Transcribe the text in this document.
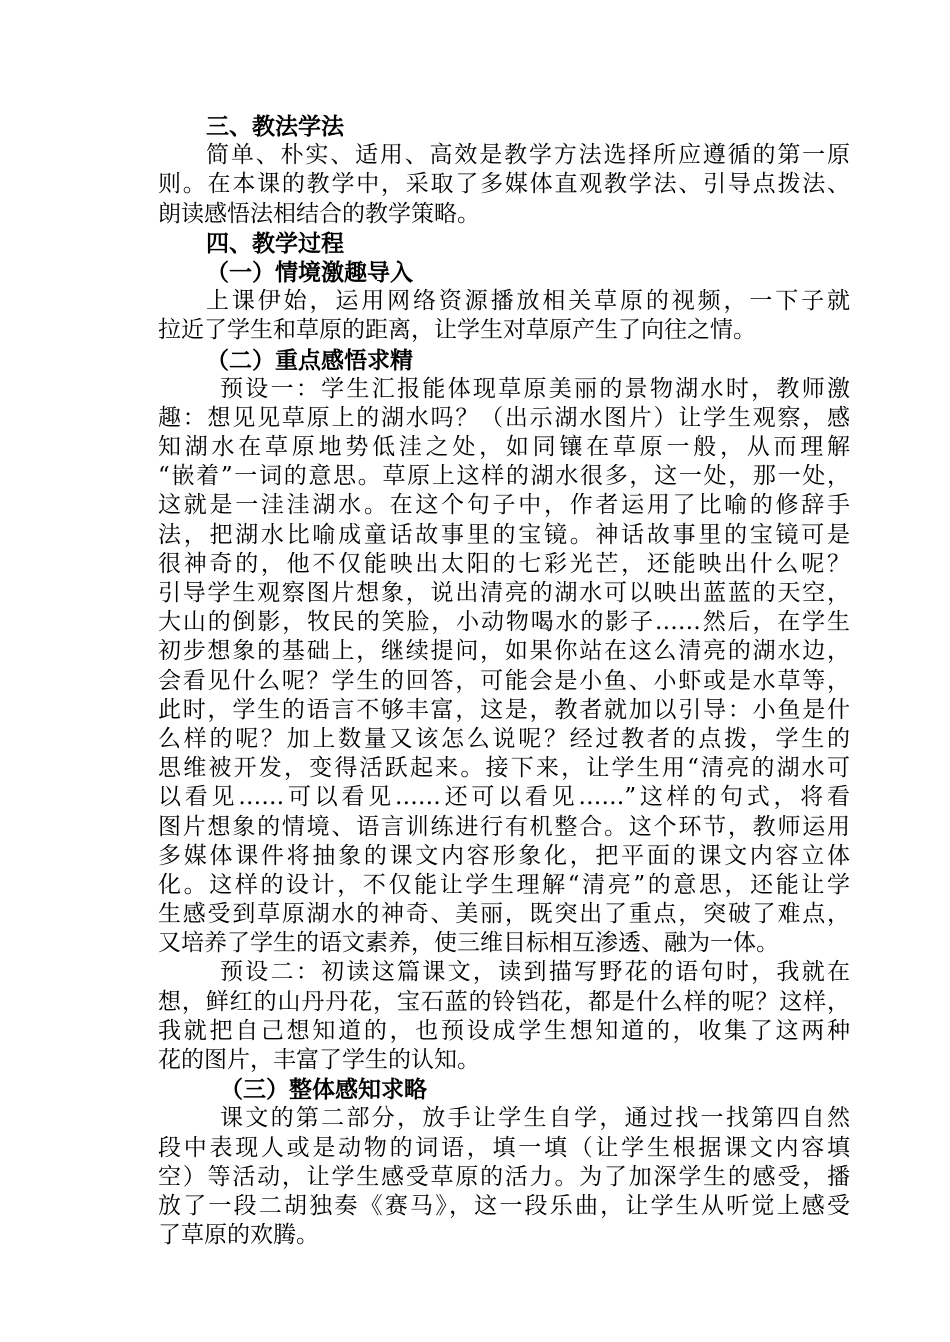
三、教法学法
简单、朴实、适用、高效是教学方法选择所应遵循的第一原
则。在本课的教学中，采取了多媒体直观教学法、引导点拨法、
朗读感悟法相结合的教学策略。
四、教学过程
（一）情境激趣导入
上课伊始，运用网络资源播放相关草原的视频，一下子就
拉近了学生和草原的距离，让学生对草原产生了向往之情。
（二）重点感悟求精
预设一：学生汇报能体现草原美丽的景物湖水时，教师激
趣：想见见草原上的湖水吗？（出示湖水图片）让学生观察，感
知湖水在草原地势低洼之处，如同镶在草原一般，从而理解
“嵌着”一词的意思。草原上这样的湖水很多，这一处，那一处，
这就是一洼洼湖水。在这个句子中，作者运用了比喻的修辞手
法，把湖水比喻成童话故事里的宝镜。神话故事里的宝镜可是
很神奇的，他不仅能映出太阳的七彩光芒，还能映出什么呢？
引导学生观察图片想象，说出清亮的湖水可以映出蓝蓝的天空，
大山的倒影，牧民的笑脸，小动物喝水的影子……然后，在学生
初步想象的基础上，继续提问，如果你站在这么清亮的湖水边，
会看见什么呢？学生的回答，可能会是小鱼、小虾或是水草等，
此时，学生的语言不够丰富，这是，教者就加以引导：小鱼是什
么样的呢？加上数量又该怎么说呢？经过教者的点拨，学生的
思维被开发，变得活跃起来。接下来，让学生用“清亮的湖水可
以看见……可以看见……还可以看见……”这样的句式，将看
图片想象的情境、语言训练进行有机整合。这个环节，教师运用
多媒体课件将抽象的课文内容形象化，把平面的课文内容立体
化。这样的设计，不仅能让学生理解“清亮”的意思，还能让学
生感受到草原湖水的神奇、美丽，既突出了重点，突破了难点，
又培养了学生的语文素养，使三维目标相互渗透、融为一体。
预设二：初读这篇课文，读到描写野花的语句时，我就在
想，鲜红的山丹丹花，宝石蓝的铃铛花，都是什么样的呢？这样，
我就把自己想知道的，也预设成学生想知道的，收集了这两种
花的图片，丰富了学生的认知。
（三）整体感知求略
课文的第二部分，放手让学生自学，通过找一找第四自然
段中表现人或是动物的词语，填一填（让学生根据课文内容填
空）等活动，让学生感受草原的活力。为了加深学生的感受，播
放了一段二胡独奏《赛马》，这一段乐曲，让学生从听觉上感受
了草原的欢腾。
